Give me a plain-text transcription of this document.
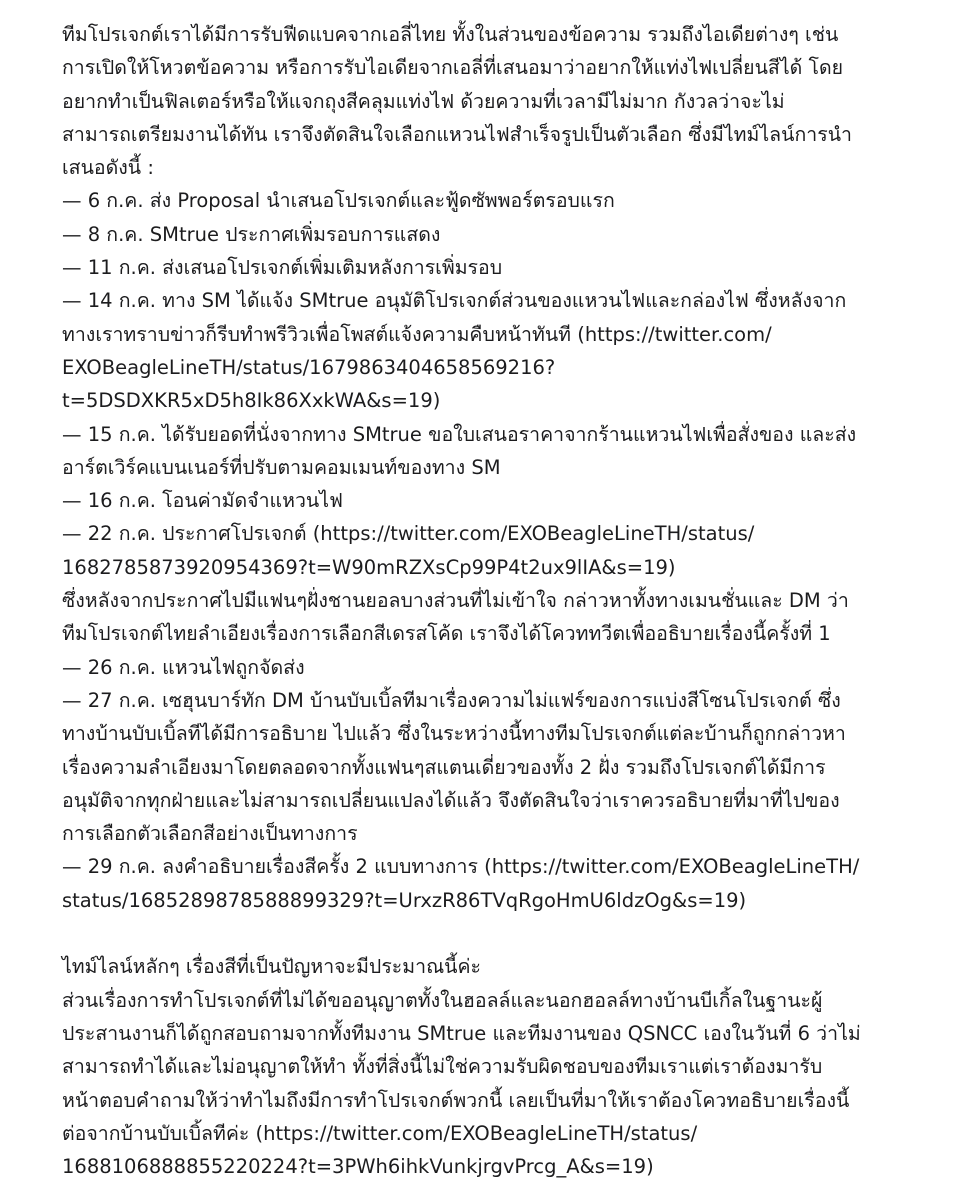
ทีมโปรเจกต์เราได้มีการรับฟีดแบคจากเอลี่ไทย ทั้งในส่วนของข้อความ รวมถึงไอเดียต่างๆ เช่น
การเปิดให้โหวตข้อความ หรือการรับไอเดียจากเอลี่ที่เสนอมาว่าอยากให้แท่งไฟเปลี่ยนสีได้ โดย
อยากทำเป็นฟิลเตอร์หรือให้แจกถุงสีคลุมแท่งไฟ ด้วยความที่เวลามีไม่มาก กังวลว่าจะไม่
สามารถเตรียมงานได้ทัน เราจึงตัดสินใจเลือกแหวนไฟสำเร็จรูปเป็นตัวเลือก ซึ่งมีไทม์ไลน์การนำ
เสนอดังนี้ :
— 6 ก.ค. ส่ง Proposal นำเสนอโปรเจกต์และฟู้ดซัพพอร์ตรอบแรก
— 8 ก.ค. SMtrue ประกาศเพิ่มรอบการแสดง
— 11 ก.ค. ส่งเสนอโปรเจกต์เพิ่มเติมหลังการเพิ่มรอบ
— 14 ก.ค. ทาง SM ได้แจ้ง SMtrue อนุมัติโปรเจกต์ส่วนของแหวนไฟและกล่องไฟ ซึ่งหลังจาก
ทางเราทราบข่าวก็รีบทำพรีวิวเพื่อโพสต์แจ้งความคืบหน้าทันที (https://twitter.com/
EXOBeagleLineTH/status/1679863404658569216?
t=5DSDXKR5xD5h8Ik86XxkWA&s=19)
— 15 ก.ค. ได้รับยอดที่นั่งจากทาง SMtrue ขอใบเสนอราคาจากร้านแหวนไฟเพื่อสั่งของ และส่ง
อาร์ตเวิร์คแบนเนอร์ที่ปรับตามคอมเมนท์ของทาง SM
— 16 ก.ค. โอนค่ามัดจำแหวนไฟ
— 22 ก.ค. ประกาศโปรเจกต์ (https://twitter.com/EXOBeagleLineTH/status/
1682785873920954369?t=W90mRZXsCp99P4t2ux9lIA&s=19)
ซึ่งหลังจากประกาศไปมีแฟนๆฝั่งชานยอลบางส่วนที่ไม่เข้าใจ กล่าวหาทั้งทางเมนชั่นและ DM ว่า
ทีมโปรเจกต์ไทยลำเอียงเรื่องการเลือกสีเดรสโค้ด เราจึงได้โควททวีตเพื่ออธิบายเรื่องนี้ครั้งที่ 1
— 26 ก.ค. แหวนไฟถูกจัดส่ง
— 27 ก.ค. เซฮุนบาร์ทัก DM บ้านบับเบิ้ลทีมาเรื่องความไม่แฟร์ของการแบ่งสีโซนโปรเจกต์ ซึ่ง
ทางบ้านบับเบิ้ลทีได้มีการอธิบาย ไปแล้ว ซึ่งในระหว่างนี้ทางทีมโปรเจกต์แต่ละบ้านก็ถูกกล่าวหา
เรื่องความลำเอียงมาโดยตลอดจากทั้งแฟนๆสแตนเดี่ยวของทั้ง 2 ฝั่ง รวมถึงโปรเจกต์ได้มีการ
อนุมัติจากทุกฝ่ายและไม่สามารถเปลี่ยนแปลงได้แล้ว จึงตัดสินใจว่าเราควรอธิบายที่มาที่ไปของ
การเลือกตัวเลือกสีอย่างเป็นทางการ
— 29 ก.ค. ลงคำอธิบายเรื่องสีครั้ง 2 แบบทางการ (https://twitter.com/EXOBeagleLineTH/
status/1685289878588899329?t=UrxzR86TVqRgoHmU6ldzOg&s=19)
ไทม์ไลน์หลักๆ เรื่องสีที่เป็นปัญหาจะมีประมาณนี้ค่ะ
ส่วนเรื่องการทำโปรเจกต์ที่ไม่ได้ขออนุญาตทั้งในฮอลล์และนอกฮอลล์ทางบ้านบีเกิ้ลในฐานะผู้
ประสานงานก็ได้ถูกสอบถามจากทั้งทีมงาน SMtrue และทีมงานของ QSNCC เองในวันที่ 6 ว่าไม่
สามารถทำได้และไม่อนุญาตให้ทำ ทั้งที่สิ่งนี้ไม่ใช่ความรับผิดชอบของทีมเราแต่เราต้องมารับ
หน้าตอบคำถามให้ว่าทำไมถึงมีการทำโปรเจกต์พวกนี้ เลยเป็นที่มาให้เราต้องโควทอธิบายเรื่องนี้
ต่อจากบ้านบับเบิ้ลทีค่ะ (https://twitter.com/EXOBeagleLineTH/status/
1688106888855220224?t=3PWh6ihkVunkjrgvPrcg_A&s=19)
